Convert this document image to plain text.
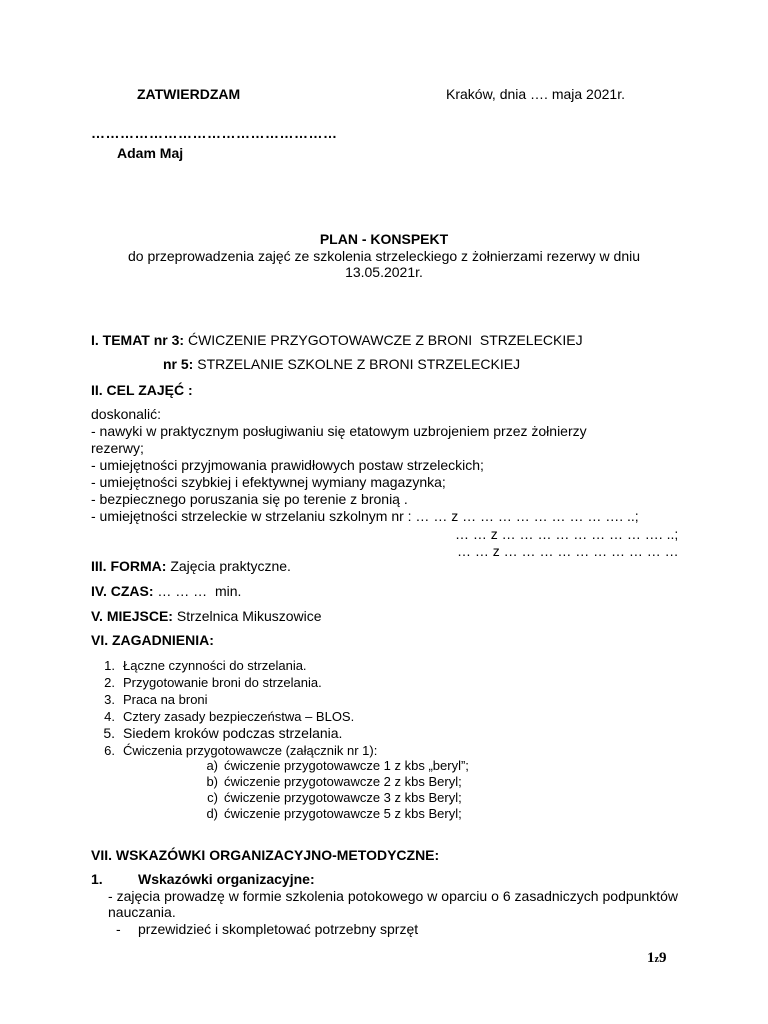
ZATWIERDZAM	Kraków, dnia …. maja 2021r.
……………………………………………
Adam Maj
PLAN - KONSPEKT
do przeprowadzenia zajęć ze szkolenia strzeleckiego z żołnierzami rezerwy w dniu
13.05.2021r.
I. TEMAT nr 3: ĆWICZENIE PRZYGOTOWAWCZE Z BRONI  STRZELECKIEJ
nr 5: STRZELANIE SZKOLNE Z BRONI STRZELECKIEJ
II. CEL ZAJĘĆ :
doskonalić:
- nawyki w praktycznym posługiwaniu się etatowym uzbrojeniem przez żołnierzy
rezerwy;
- umiejętności przyjmowania prawidłowych postaw strzeleckich;
- umiejętności szybkiej i efektywnej wymiany magazynka;
- bezpiecznego poruszania się po terenie z bronią .
- umiejętności strzeleckie w strzelaniu szkolnym nr : … … z … … … … … … … … …. ..;
… … z … … … … … … … … …. ..;
… … z … … … … … … … … … …
III. FORMA: Zajęcia praktyczne.
IV. CZAS: … … …  min.
V. MIEJSCE: Strzelnica Mikuszowice
VI. ZAGADNIENIA:
1. Łączne czynności do strzelania.
2. Przygotowanie broni do strzelania.
3. Praca na broni
4. Cztery zasady bezpieczeństwa – BLOS.
5. Siedem kroków podczas strzelania.
6. Ćwiczenia przygotowawcze (załącznik nr 1):
a) ćwiczenie przygotowawcze 1 z kbs „beryl”;
b) ćwiczenie przygotowawcze 2 z kbs Beryl;
c) ćwiczenie przygotowawcze 3 z kbs Beryl;
d) ćwiczenie przygotowawcze 5 z kbs Beryl;
VII. WSKAZÓWKI ORGANIZACYJNO-METODYCZNE:
1.	Wskazówki organizacyjne:
- zajęcia prowadzę w formie szkolenia potokowego w oparciu o 6 zasadniczych podpunktów nauczania.
- przewidzieć i skompletować potrzebny sprzęt
1z9
